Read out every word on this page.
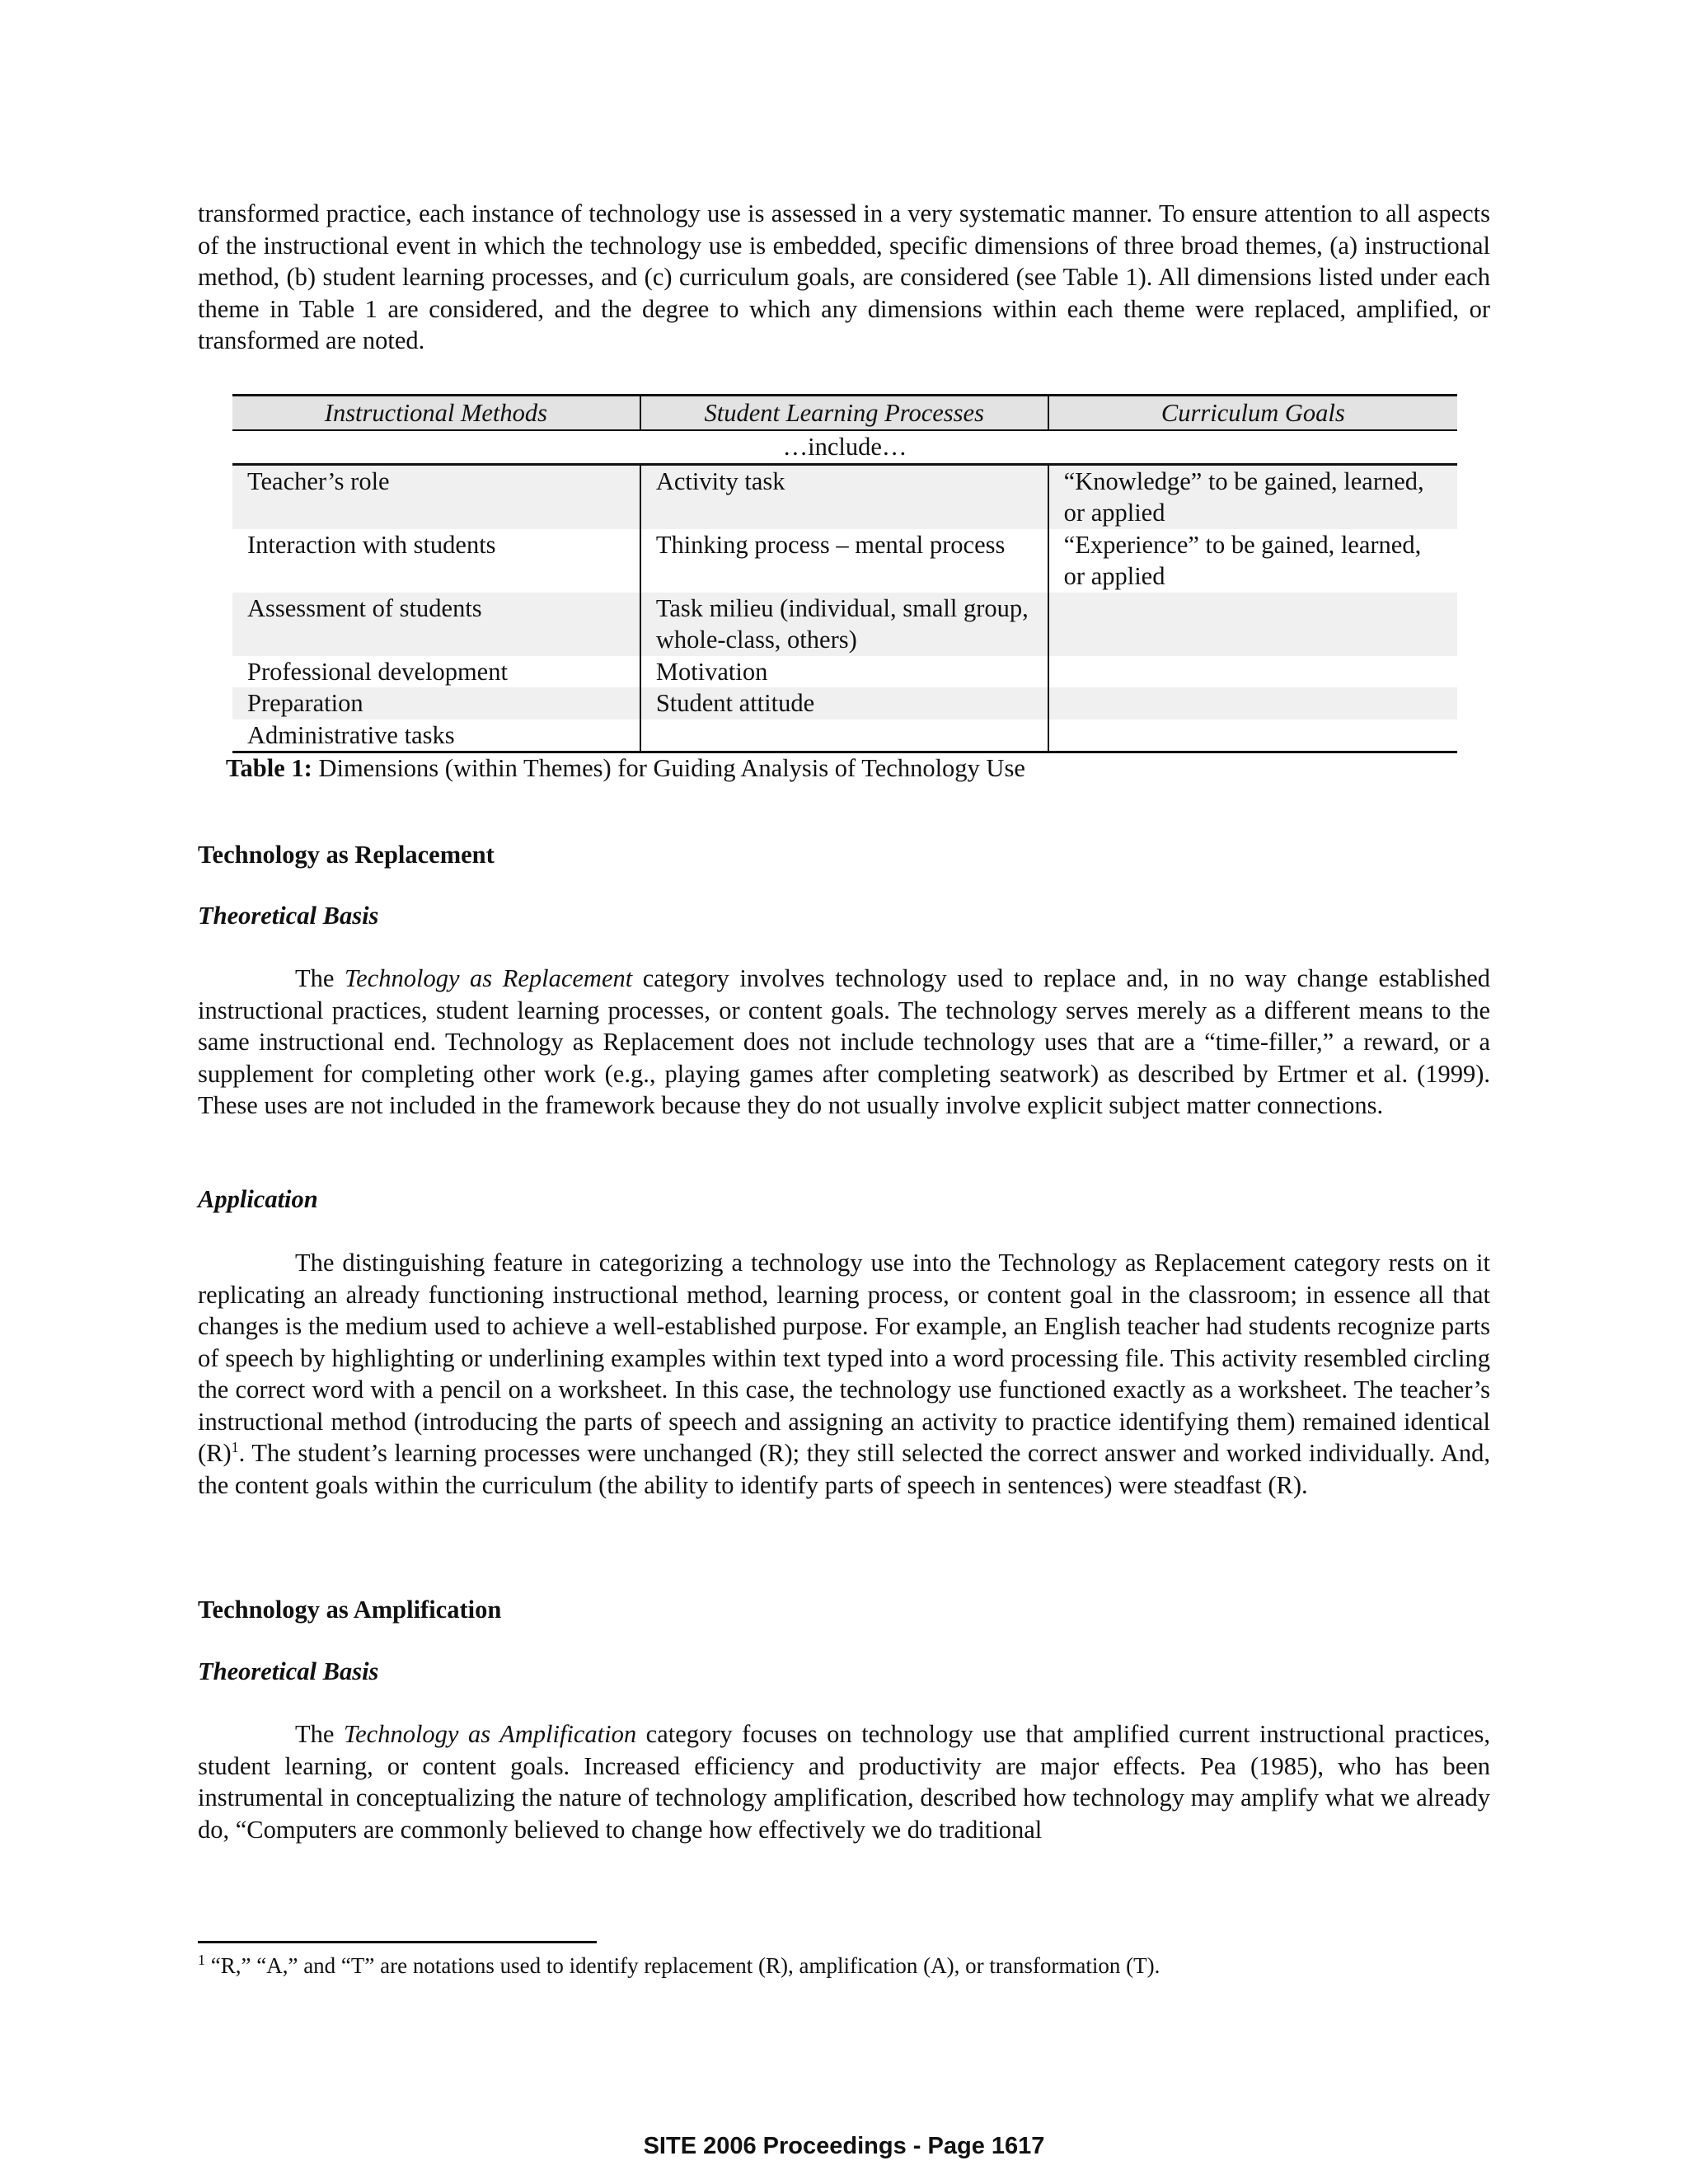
transformed practice, each instance of technology use is assessed in a very systematic manner. To ensure attention to all aspects of the instructional event in which the technology use is embedded, specific dimensions of three broad themes, (a) instructional method, (b) student learning processes, and (c) curriculum goals, are considered (see Table 1). All dimensions listed under each theme in Table 1 are considered, and the degree to which any dimensions within each theme were replaced, amplified, or transformed are noted.

Instructional Methods	Student Learning Processes	Curriculum Goals
…include…		
Teacher’s role	Activity task	“Knowledge” to be gained, learned, or applied
Interaction with students	Thinking process – mental process	“Experience” to be gained, learned, or applied
Assessment of students	Task milieu (individual, small group, whole-class, others)	
Professional development	Motivation	
Preparation	Student attitude	
Administrative tasks		
Table 1: Dimensions (within Themes) for Guiding Analysis of Technology Use
Technology as Replacement
Theoretical Basis

The Technology as Replacement category involves technology used to replace and, in no way change established instructional practices, student learning processes, or content goals. The technology serves merely as a different means to the same instructional end. Technology as Replacement does not include technology uses that are a “time-filler,” a reward, or a supplement for completing other work (e.g., playing games after completing seatwork) as described by Ertmer et al. (1999). These uses are not included in the framework because they do not usually involve explicit subject matter connections.

Application

The distinguishing feature in categorizing a technology use into the Technology as Replacement category rests on it replicating an already functioning instructional method, learning process, or content goal in the classroom; in essence all that changes is the medium used to achieve a well-established purpose. For example, an English teacher had students recognize parts of speech by highlighting or underlining examples within text typed into a word processing file. This activity resembled circling the correct word with a pencil on a worksheet. In this case, the technology use functioned exactly as a worksheet. The teacher’s instructional method (introducing the parts of speech and assigning an activity to practice identifying them) remained identical $(R)^1$. The student’s learning processes were unchanged (R); they still selected the correct answer and worked individually. And, the content goals within the curriculum (the ability to identify parts of speech in sentences) were steadfast (R).

Technology as Amplification
Theoretical Basis

The Technology as Amplification category focuses on technology use that amplified current instructional practices, student learning, or content goals. Increased efficiency and productivity are major effects. Pea (1985), who has been instrumental in conceptualizing the nature of technology amplification, described how technology may amplify what we already do, “Computers are commonly believed to change how effectively we do traditional

$^1$ “R,” “A,” and “T” are notations used to identify replacement (R), amplification (A), or transformation (T).
SITE 2006 Proceedings - Page 1617
